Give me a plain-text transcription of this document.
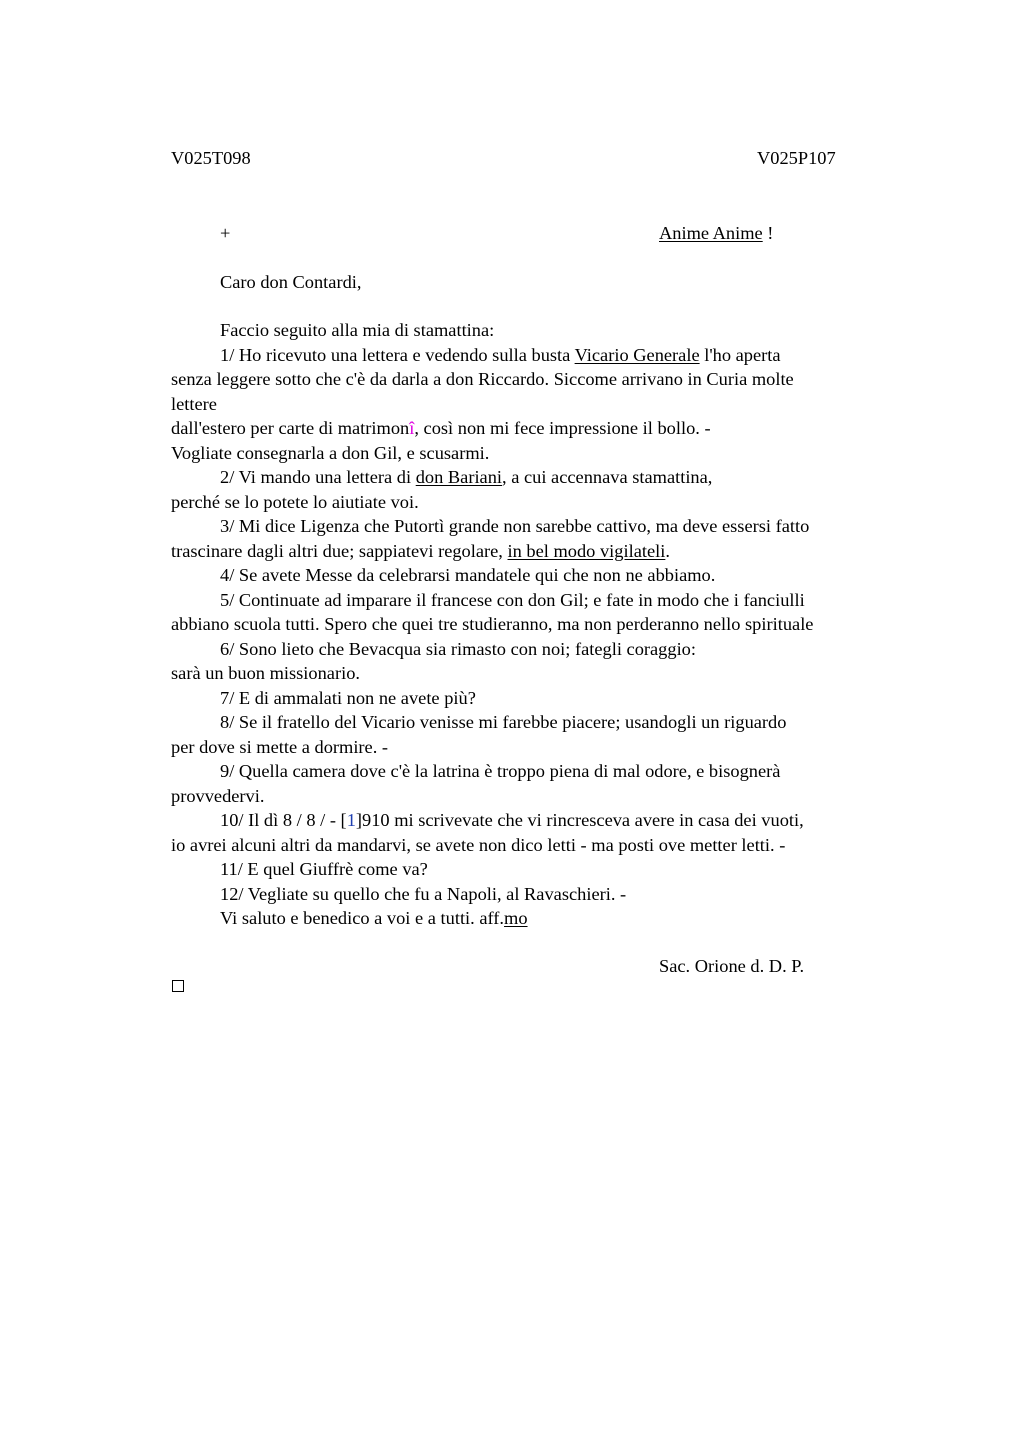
V025T098	V025P107
+	Anime Anime !
Caro don Contardi,
Faccio seguito alla mia di stamattina:
1/ Ho ricevuto una lettera e vedendo sulla busta Vicario Generale l'ho aperta
senza leggere sotto che c'è da darla a don Riccardo. Siccome arrivano in Curia molte
lettere
dall'estero per carte di matrimonî, così non mi fece impressione il bollo. -
Vogliate consegnarla a don Gil, e scusarmi.
2/ Vi mando una lettera di don Bariani, a cui accennava stamattina,
perché se lo potete lo aiutiate voi.
3/ Mi dice Ligenza che Putortì grande non sarebbe cattivo, ma deve essersi fatto
trascinare dagli altri due; sappiatevi regolare, in bel modo vigilateli.
4/ Se avete Messe da celebrarsi mandatele qui che non ne abbiamo.
5/ Continuate ad imparare il francese con don Gil; e fate in modo che i fanciulli
abbiano scuola tutti. Spero che quei tre studieranno, ma non perderanno nello spirituale
6/ Sono lieto che Bevacqua sia rimasto con noi; fategli coraggio:
sarà un buon missionario.
7/ E di ammalati non ne avete più?
8/ Se il fratello del Vicario venisse mi farebbe piacere; usandogli un riguardo
per dove si mette a dormire. -
9/ Quella camera dove c'è la latrina è troppo piena di mal odore, e bisognerà
provvedervi.
10/ Il dì 8 / 8 / - [1]910 mi scrivevate che vi rincresceva avere in casa dei vuoti,
io avrei alcuni altri da mandarvi, se avete non dico letti - ma posti ove metter letti. -
11/ E quel Giuffrè come va?
12/ Vegliate su quello che fu a Napoli, al Ravaschieri. -
Vi saluto e benedico a voi e a tutti. aff.mo
Sac. Orione d. D. P.
